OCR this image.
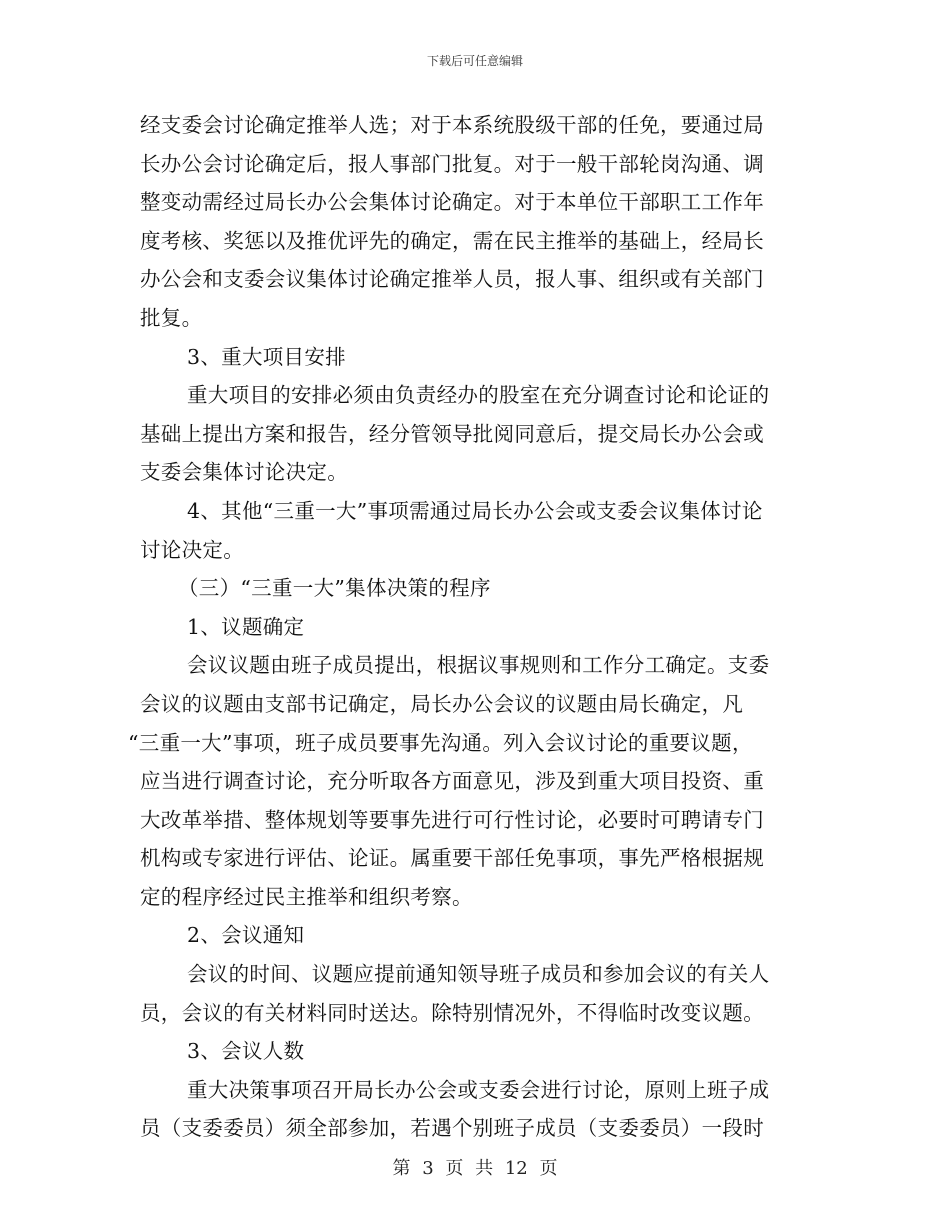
下载后可任意编辑
经支委会讨论确定推举人选；对于本系统股级干部的任免，要通过局
长办公会讨论确定后，报人事部门批复。对于一般干部轮岗沟通、调
整变动需经过局长办公会集体讨论确定。对于本单位干部职工工作年
度考核、奖惩以及推优评先的确定，需在民主推举的基础上，经局长
办公会和支委会议集体讨论确定推举人员，报人事、组织或有关部门
批复。
3、重大项目安排
重大项目的安排必须由负责经办的股室在充分调查讨论和论证的
基础上提出方案和报告，经分管领导批阅同意后，提交局长办公会或
支委会集体讨论决定。
4、其他“三重一大”事项需通过局长办公会或支委会议集体讨论
讨论决定。
（三）“三重一大”集体决策的程序
1、议题确定
会议议题由班子成员提出，根据议事规则和工作分工确定。支委
会议的议题由支部书记确定，局长办公会议的议题由局长确定，凡
“三重一大”事项，班子成员要事先沟通。列入会议讨论的重要议题，
应当进行调查讨论，充分听取各方面意见，涉及到重大项目投资、重
大改革举措、整体规划等要事先进行可行性讨论，必要时可聘请专门
机构或专家进行评估、论证。属重要干部任免事项，事先严格根据规
定的程序经过民主推举和组织考察。
2、会议通知
会议的时间、议题应提前通知领导班子成员和参加会议的有关人
员，会议的有关材料同时送达。除特别情况外，不得临时改变议题。
3、会议人数
重大决策事项召开局长办公会或支委会进行讨论，原则上班子成
员（支委委员）须全部参加，若遇个别班子成员（支委委员）一段时
第 3 页 共 12 页
